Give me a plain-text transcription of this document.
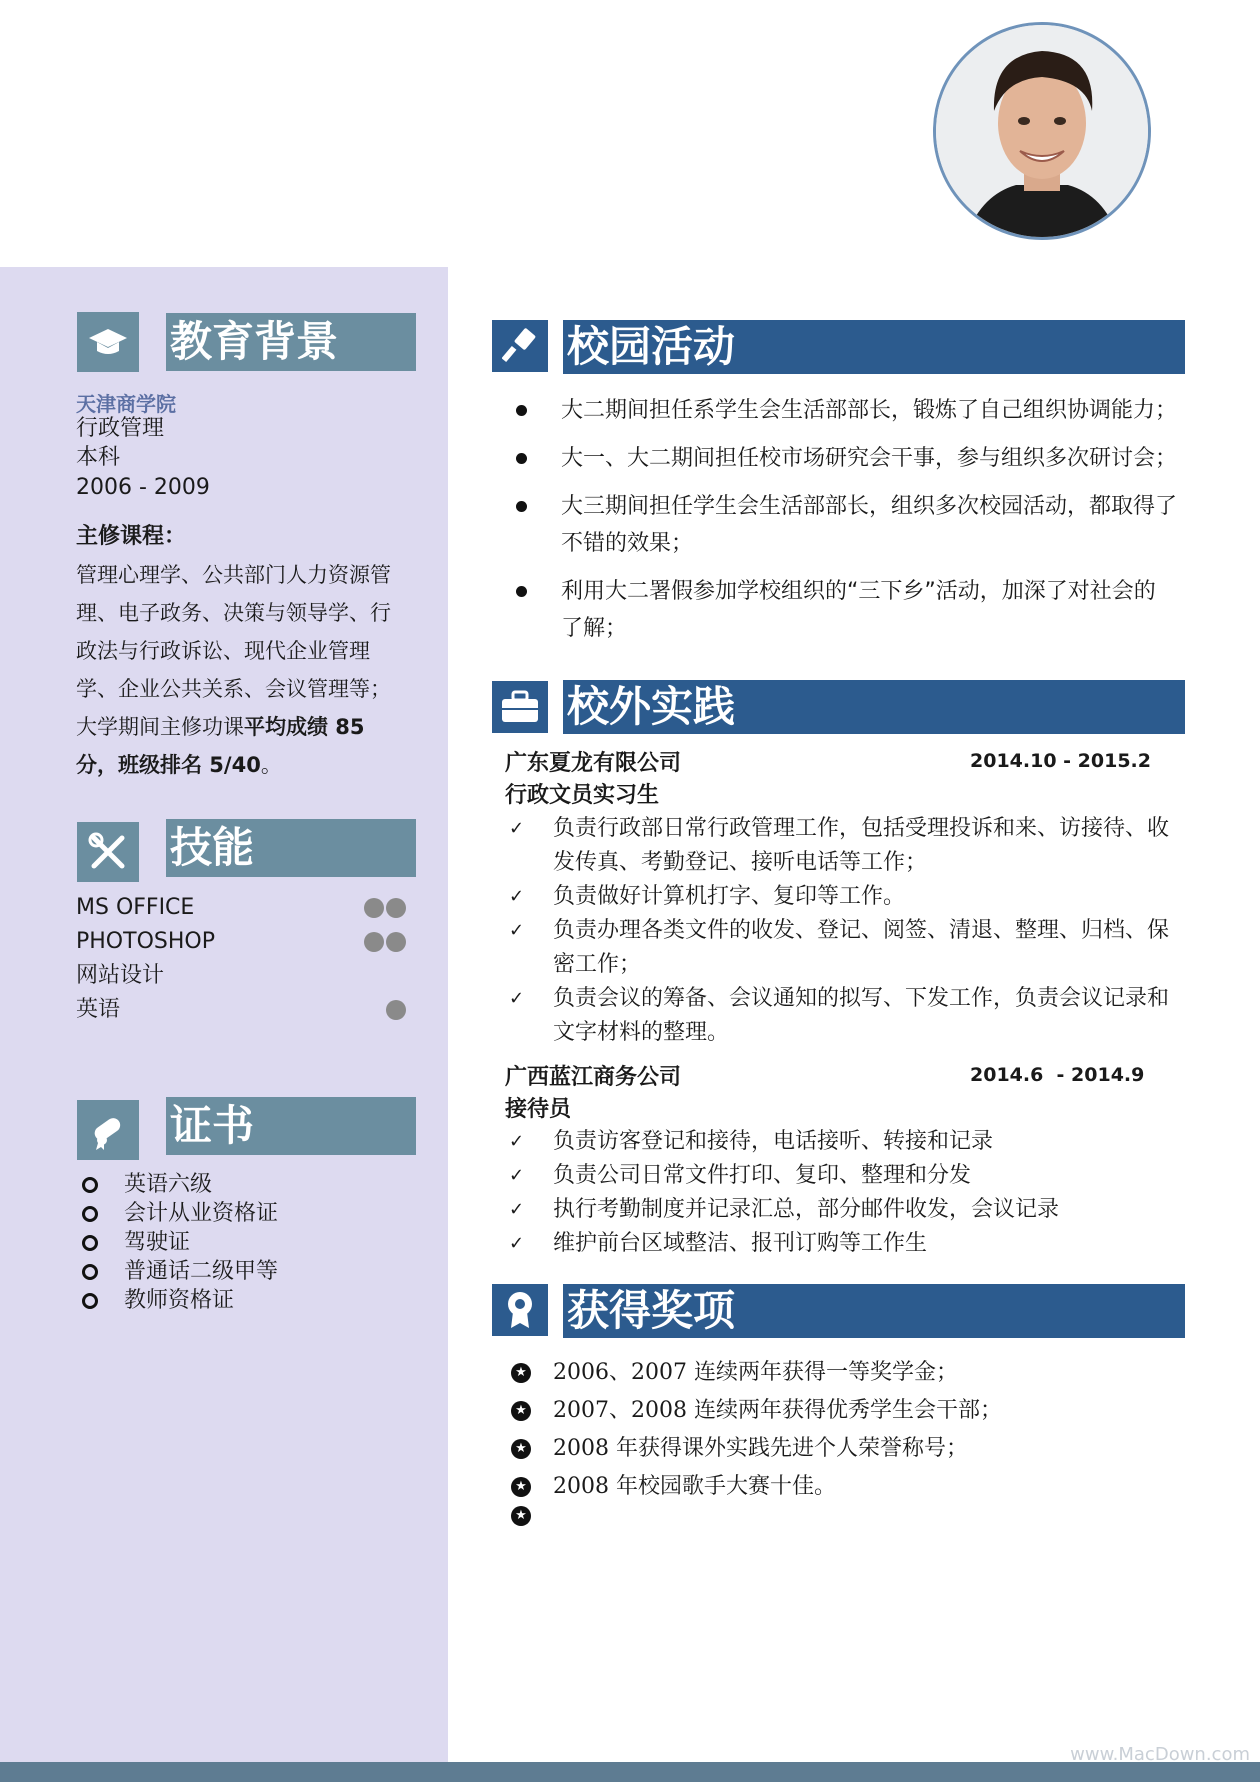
教育背景
天津商学院
行政管理
本科
2006 - 2009
主修课程：
管理心理学、公共部门人力资源管
理、电子政务、决策与领导学、行
政法与行政诉讼、现代企业管理
学、企业公共关系、会议管理等；
大学期间主修功课平均成绩 85
分，班级排名 5/40。
技能
MS OFFICE
PHOTOSHOP
网站设计
英语
证书
英语六级
会计从业资格证
驾驶证
普通话二级甲等
教师资格证
校园活动
大二期间担任系学生会生活部部长，锻炼了自己组织协调能力；
大一、大二期间担任校市场研究会干事，参与组织多次研讨会；
大三期间担任学生会生活部部长，组织多次校园活动，都取得了
不错的效果；
利用大二署假参加学校组织的“三下乡”活动，加深了对社会的
了解；
校外实践
广东夏龙有限公司	2014.10 - 2015.2
行政文员实习生
✓	负责行政部日常行政管理工作，包括受理投诉和来、访接待、收
发传真、考勤登记、接听电话等工作；
✓	负责做好计算机打字、复印等工作。
✓	负责办理各类文件的收发、登记、阅签、清退、整理、归档、保
密工作；
✓	负责会议的筹备、会议通知的拟写、下发工作，负责会议记录和
文字材料的整理。
广西蓝江商务公司	2014.6  - 2014.9
接待员
✓	负责访客登记和接待，电话接听、转接和记录
✓	负责公司日常文件打印、复印、整理和分发
✓	执行考勤制度并记录汇总，部分邮件收发，会议记录
✓	维护前台区域整洁、报刊订购等工作生
获得奖项
★ 2006、2007 连续两年获得一等奖学金；
★ 2007、2008 连续两年获得优秀学生会干部；
★ 2008 年获得课外实践先进个人荣誉称号；
★ 2008 年校园歌手大赛十佳。
★
www.MacDown.com
